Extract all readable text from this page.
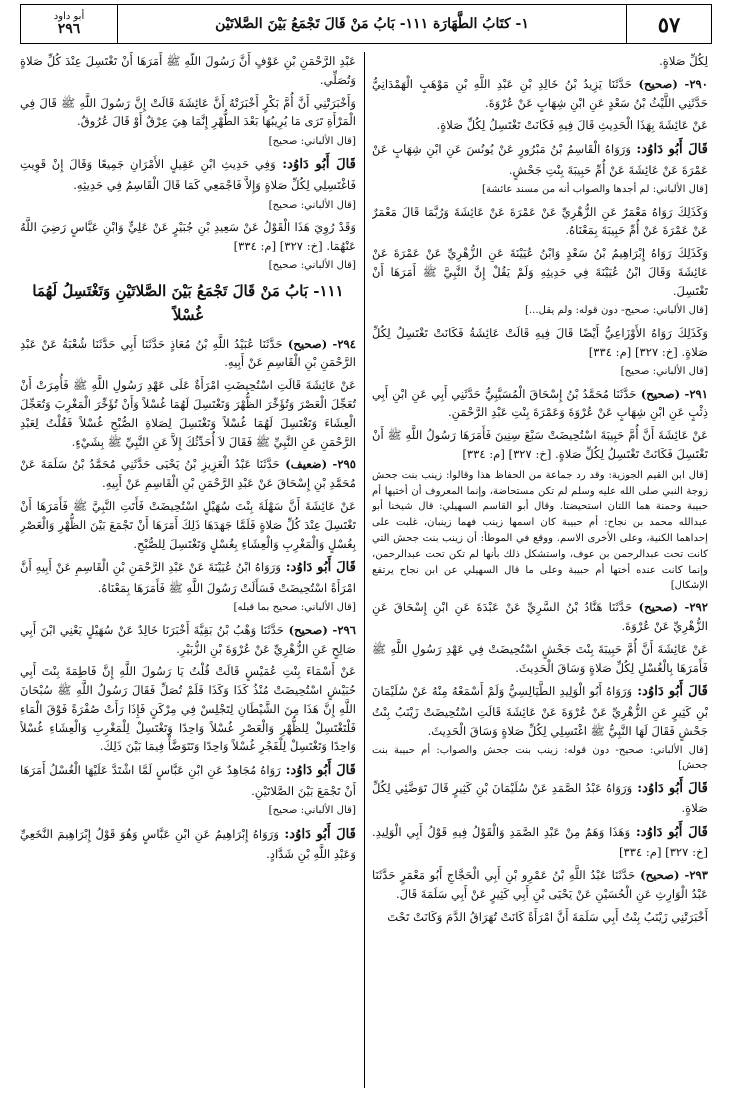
٥٧
١- كتَابُ الطَّهَارَة ١١١- بَابُ مَنْ قَالَ تَجْمَعُ بَيْنَ الصَّلاتَيْن
أبو داود
٢٩٦
لِكُلِّ صَلاةٍ.
٢٩٠- (صحيح) حَدَّثَنَا يَزِيدُ بْنُ خَالِدِ بْنِ عَبْدِ اللَّهِ بْنِ مَوْهَبٍ الْهَمْدَانِيُّ حَدَّثَنِي اللَّيْثُ بْنُ سَعْدٍ عَنِ ابْنِ شِهَابٍ عَنْ عُرْوَةَ.
عَنْ عَائِشَةَ بِهَذَا الْحَدِيثِ قَالَ فِيهِ فَكَانَتْ تَغْتَسِلُ لِكُلِّ صَلاةٍ.
قَالَ أَبُو دَاوُد: وَرَوَاهُ الْقَاسِمُ بْنُ مَبْرُورٍ عَنْ يُونُسَ عَنِ ابْنِ شِهَابٍ عَنْ عَمْرَةَ عَنْ عَائِشَةَ عَنْ أُمِّ حَبِيبَةَ بِنْتِ جَحْشٍ.
[قال الألباني: لم أجدها والصواب أنه من مسند عائشة]
وَكَذَلِكَ رَوَاهُ مَعْمَرٌ عَنِ الزُّهْرِيِّ عَنْ عَمْرَةَ عَنْ عَائِشَةَ وَرُبَّمَا قَالَ مَعْمَرٌ عَنْ عَمْرَةَ عَنْ أُمِّ حَبِيبَةَ بِمَعْنَاهُ.
وَكَذَلِكَ رَوَاهُ إِبْرَاهِيمُ بْنُ سَعْدٍ وَابْنُ عُيَيْنَةَ عَنِ الزُّهْرِيِّ عَنْ عَمْرَةَ عَنْ عَائِشَةَ وَقَالَ ابْنُ عُيَيْنَةَ فِي حَدِيثِهِ وَلَمْ يَقُلْ إِنَّ النَّبِيَّ ﷺ أَمَرَهَا أَنْ تَغْتَسِلَ.
[قال الألباني: صحيح- دون قوله: ولم يقل...]
وَكَذَلِكَ رَوَاهُ الأَوْزَاعِيُّ أَيْضًا قَالَ فِيهِ قَالَتْ عَائِشَةُ فَكَانَتْ تَغْتَسِلُ لِكُلِّ صَلاةٍ. [خ: ٣٢٧] [م: ٣٣٤]
[قال الألباني: صحيح]
٢٩١- (صحيح) حَدَّثَنَا مُحَمَّدُ بْنُ إِسْحَاقَ الْمُسَيَّبِيُّ حَدَّثَنِي أَبِي عَنِ ابْنِ أَبِي ذِئْبٍ عَنِ ابْنِ شِهَابٍ عَنْ عُرْوَةَ وَعَمْرَةَ بِنْتِ عَبْدِ الرَّحْمَنِ.
عَنْ عَائِشَةَ أَنَّ أُمَّ حَبِيبَةَ اسْتُحِيضَتْ سَبْعَ سِنِينَ فَأَمَرَهَا رَسُولُ اللَّهِ ﷺ أَنْ تَغْتَسِلَ فَكَانَتْ تَغْتَسِلُ لِكُلِّ صَلاةٍ. [خ: ٣٢٧] [م: ٣٣٤]
[قال ابن القيم الجوزية: وقد رد جماعة من الحفاظ هذا وقالوا: زينب بنت جحش زوجة النبي صلى الله عليه وسلم لم تكن مستحاضة، وإنما المعروف أن أختيها أم حبيبة وحمنة هما اللتان استحيضتا. وقال أبو القاسم السهيلي: قال شيخنا أبو عبدالله محمد بن نجاح: أم حبيبة كان اسمها زينب فهما زينبان، غلبت على إحداهما الكنية، وعلى الأخرى الاسم. ووقع في الموطأ: أن زينب بنت جحش التي كانت تحت عبدالرحمن بن عوف، واستشكل ذلك بأنها لم تكن تحت عبدالرحمن، وإنما كانت عنده أختها أم حبيبة وعلى ما قال السهيلي عن ابن نجاح يرتفع الإشكال]
٢٩٢- (صحيح) حَدَّثَنَا هَنَّادُ بْنُ السَّرِيِّ عَنْ عَبْدَةَ عَنِ ابْنِ إِسْحَاقَ عَنِ الزُّهْرِيِّ عَنْ عُرْوَةَ.
عَنْ عَائِشَةَ أَنَّ أُمَّ حَبِيبَةَ بِنْتَ جَحْشٍ اسْتُحِيضَتْ فِي عَهْدِ رَسُولِ اللَّهِ ﷺ فَأَمَرَهَا بِالْغُسْلِ لِكُلِّ صَلاةٍ وَسَاقَ الْحَدِيثَ.
قَالَ أَبُو دَاوُد: وَرَوَاهُ أَبُو الْوَلِيدِ الطَّيَالِسِيُّ وَلَمْ أَسْمَعْهُ مِنْهُ عَنْ سُلَيْمَانَ بْنِ كَثِيرٍ عَنِ الزُّهْرِيِّ عَنْ عُرْوَةَ عَنْ عَائِشَةَ قَالَتِ اسْتُحِيضَتْ زَيْنَبُ بِنْتُ جَحْشٍ فَقَالَ لَهَا النَّبِيُّ ﷺ اغْتَسِلِي لِكُلِّ صَلاةٍ وَسَاقَ الْحَدِيثَ.
[قال الألباني: صحيح- دون قوله: زينب بنت جحش والصواب: أم حبيبة بنت جحش]
قَالَ أَبُو دَاوُد: وَرَوَاهُ عَبْدُ الصَّمَدِ عَنْ سُلَيْمَانَ بْنِ كَثِيرٍ قَالَ تَوَضَّئِي لِكُلِّ صَلاةٍ.
قَالَ أَبُو دَاوُد: وَهَذَا وَهَمٌ مِنْ عَبْدِ الصَّمَدِ وَالْقَوْلُ فِيهِ قَوْلُ أَبِي الْوَلِيدِ. [خ: ٣٢٧] [م: ٣٣٤]
٢٩٣- (صحيح) حَدَّثَنَا عَبْدُ اللَّهِ بْنُ عَمْرِو بْنِ أَبِي الْحَجَّاجِ أَبُو مَعْمَرٍ حَدَّثَنَا عَبْدُ الْوَارِثِ عَنِ الْحُسَيْنِ عَنْ يَحْيَى بْنِ أَبِي كَثِيرٍ عَنْ أَبِي سَلَمَةَ قَالَ.
أَخْبَرَتْنِي زَيْنَبُ بِنْتُ أَبِي سَلَمَةَ أَنَّ امْرَأَةً كَانَتْ تُهَرَاقُ الدَّمَ وَكَانَتْ تَحْتَ
عَبْدِ الرَّحْمَنِ بْنِ عَوْفٍ أَنَّ رَسُولَ اللَّهِ ﷺ أَمَرَهَا أَنْ تَغْتَسِلَ عِنْدَ كُلِّ صَلاةٍ وَتُصَلِّي.
وَأَخْبَرَتْنِي أَنَّ أُمَّ بَكْرٍ أَخْبَرَتْهُ أَنَّ عَائِشَةَ قَالَتْ إِنَّ رَسُولَ اللَّهِ ﷺ قَالَ فِي الْمَرْأَةِ تَرَى مَا يُرِيبُهَا بَعْدَ الطُّهْرِ إِنَّمَا هِيَ عِرْقٌ أَوْ قَالَ عُرُوقٌ.
[قال الألباني: صحيح]
قَالَ أَبُو دَاوُد: وَفِي حَدِيثِ ابْنِ عَقِيلٍ الأَمْرَانِ جَمِيعًا وَقَالَ إِنْ قَوِيتِ فَاغْتَسِلِي لِكُلِّ صَلاةٍ وَإِلاَّ فَاجْمَعِي كَمَا قَالَ الْقَاسِمُ فِي حَدِيثِهِ.
[قال الألباني: صحيح]
وَقَدْ رُوِيَ هَذَا الْقَوْلُ عَنْ سَعِيدِ بْنِ جُبَيْرٍ عَنْ عَلِيٍّ وَابْنِ عَبَّاسٍ رَضِيَ اللَّهُ عَنْهُمَا. [خ: ٣٢٧] [م: ٣٣٤]
[قال الألباني: صحيح]
١١١- بَابُ مَنْ قَالَ تَجْمَعُ بَيْنَ الصَّلاتَيْنِ وَتَغْتَسِلُ لَهُمَا غُسْلاً
٢٩٤- (صحيح) حَدَّثَنَا عُبَيْدُ اللَّهِ بْنُ مُعَاذٍ حَدَّثَنَا أَبِي حَدَّثَنَا شُعْبَةُ عَنْ عَبْدِ الرَّحْمَنِ بْنِ الْقَاسِمِ عَنْ أَبِيهِ.
عَنْ عَائِشَةَ قَالَتِ اسْتُحِيضَتِ امْرَأَةٌ عَلَى عَهْدِ رَسُولِ اللَّهِ ﷺ فَأُمِرَتْ أَنْ تُعَجِّلَ الْعَصْرَ وَتُؤَخِّرَ الظُّهْرَ وَتَغْتَسِلَ لَهُمَا غُسْلاً وَأَنْ تُؤَخِّرَ الْمَغْرِبَ وَتُعَجِّلَ الْعِشَاءَ وَتَغْتَسِلَ لَهُمَا غُسْلاً وَتَغْتَسِلَ لِصَلاةِ الصُّبْحِ غُسْلاً فَقُلْتُ لِعَبْدِ الرَّحْمَنِ عَنِ النَّبِيِّ ﷺ فَقَالَ لاَ أُحَدِّثُكَ إِلاَّ عَنِ النَّبِيِّ ﷺ بِشَيْءٍ.
٢٩٥- (ضعيف) حَدَّثَنَا عَبْدُ الْعَزِيزِ بْنُ يَحْيَى حَدَّثَنِي مُحَمَّدُ بْنُ سَلَمَةَ عَنْ مُحَمَّدِ بْنِ إِسْحَاقَ عَنْ عَبْدِ الرَّحْمَنِ بْنِ الْقَاسِمِ عَنْ أَبِيهِ.
عَنْ عَائِشَةَ أَنَّ سَهْلَةَ بِنْتَ سُهَيْلٍ اسْتُحِيضَتْ فَأَتَتِ النَّبِيَّ ﷺ فَأَمَرَهَا أَنْ تَغْتَسِلَ عِنْدَ كُلِّ صَلاةٍ فَلَمَّا جَهَدَهَا ذَلِكَ أَمَرَهَا أَنْ تَجْمَعَ بَيْنَ الظُّهْرِ وَالْعَصْرِ بِغُسْلٍ وَالْمَغْرِبِ وَالْعِشَاءِ بِغُسْلٍ وَتَغْتَسِلَ لِلصُّبْحِ.
قَالَ أَبُو دَاوُد: وَرَوَاهُ ابْنُ عُيَيْنَةَ عَنْ عَبْدِ الرَّحْمَنِ بْنِ الْقَاسِمِ عَنْ أَبِيهِ أَنَّ امْرَأَةً اسْتُحِيضَتْ فَسَأَلَتْ رَسُولَ اللَّهِ ﷺ فَأَمَرَهَا بِمَعْنَاهُ.
[قال الألباني: صحيح بما قبله]
٢٩٦- (صحيح) حَدَّثَنَا وَهْبُ بْنُ بَقِيَّةَ أَخْبَرَنَا خَالِدٌ عَنْ سُهَيْلٍ يَعْنِي ابْنَ أَبِي صَالِحٍ عَنِ الزُّهْرِيِّ عَنْ عُرْوَةَ بْنِ الزُّبَيْرِ.
عَنْ أَسْمَاءَ بِنْتِ عُمَيْسٍ قَالَتْ قُلْتُ يَا رَسُولَ اللَّهِ إِنَّ فَاطِمَةَ بِنْتَ أَبِي حُبَيْشٍ اسْتُحِيضَتْ مُنْذُ كَذَا وَكَذَا فَلَمْ تُصَلِّ فَقَالَ رَسُولُ اللَّهِ ﷺ سُبْحَانَ اللَّهِ إِنَّ هَذَا مِنَ الشَّيْطَانِ لِتَجْلِسْ فِي مِرْكَنٍ فَإِذَا رَأَتْ صُفْرَةً فَوْقَ الْمَاءِ فَلْتَغْتَسِلْ لِلظُّهْرِ وَالْعَصْرِ غُسْلاً وَاحِدًا وَتَغْتَسِلْ لِلْمَغْرِبِ وَالْعِشَاءِ غُسْلاً وَاحِدًا وَتَغْتَسِلْ لِلْفَجْرِ غُسْلاً وَاحِدًا وَتَتَوَضَّأْ فِيمَا بَيْنَ ذَلِكَ.
قَالَ أَبُو دَاوُد: رَوَاهُ مُجَاهِدٌ عَنِ ابْنِ عَبَّاسٍ لَمَّا اشْتَدَّ عَلَيْهَا الْغُسْلُ أَمَرَهَا أَنْ تَجْمَعَ بَيْنَ الصَّلاتَيْنِ.
[قال الألباني: صحيح]
قَالَ أَبُو دَاوُد: وَرَوَاهُ إِبْرَاهِيمُ عَنِ ابْنِ عَبَّاسٍ وَهُوَ قَوْلُ إِبْرَاهِيمَ النَّخَعِيِّ وَعَبْدِ اللَّهِ بْنِ شَدَّادٍ.
